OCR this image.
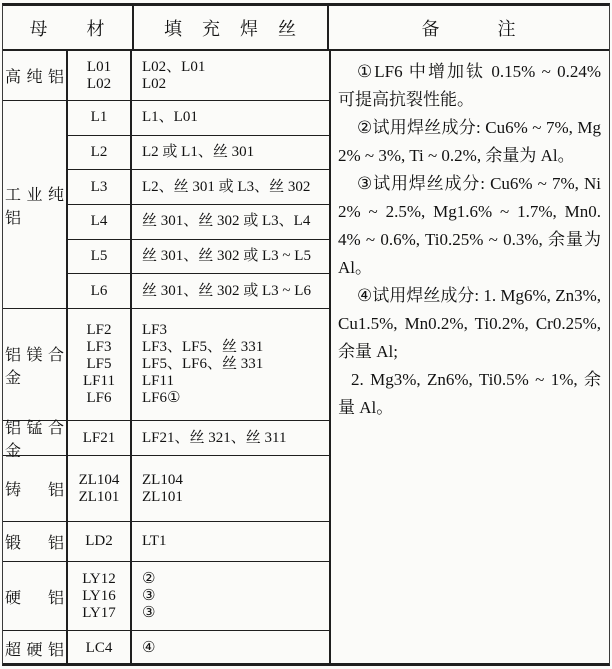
母　　材	填　充　焊　丝	备　　　注
高纯铝
L01
L02
L02、L01
L02
工业纯铝
L1 L1、L01
L2 L2 或 L1、丝 301
L3 L2、丝 301 或 L3、丝 302
L4 丝 301、丝 302 或 L3、L4
L5 丝 301、丝 302 或 L3 ~ L5
L6 丝 301、丝 302 或 L3 ~ L6
铝镁合金
LF2
LF3
LF5
LF11
LF6
LF3
LF3、LF5、丝 331
LF5、LF6、丝 331
LF11
LF6①
铝锰合金
LF21 LF21、丝 321、丝 311
铸铝
ZL104
ZL101
ZL104
ZL101
锻铝 LD2 LT1
硬铝
LY12
LY16
LY17
②
③
③
超硬铝 LC4 ④

①LF6 中增加钛 0.15% ~ 0.24% 可提高抗裂性能。

②试用焊丝成分: Cu6% ~ 7%, Mg 2% ~ 3%, Ti ~ 0.2%, 余量为 Al。

③试用焊丝成分: Cu6% ~ 7%, Ni 2% ~ 2.5%, Mg1.6% ~ 1.7%, Mn0.4% ~ 0.6%, Ti0.25% ~ 0.3%, 余量为 Al。

④试用焊丝成分: 1. Mg6%, Zn3%, Cu1.5%, Mn0.2%, Ti0.2%, Cr0.25%, 余量 Al;

2. Mg3%, Zn6%, Ti0.5% ~ 1%, 余量 Al。
